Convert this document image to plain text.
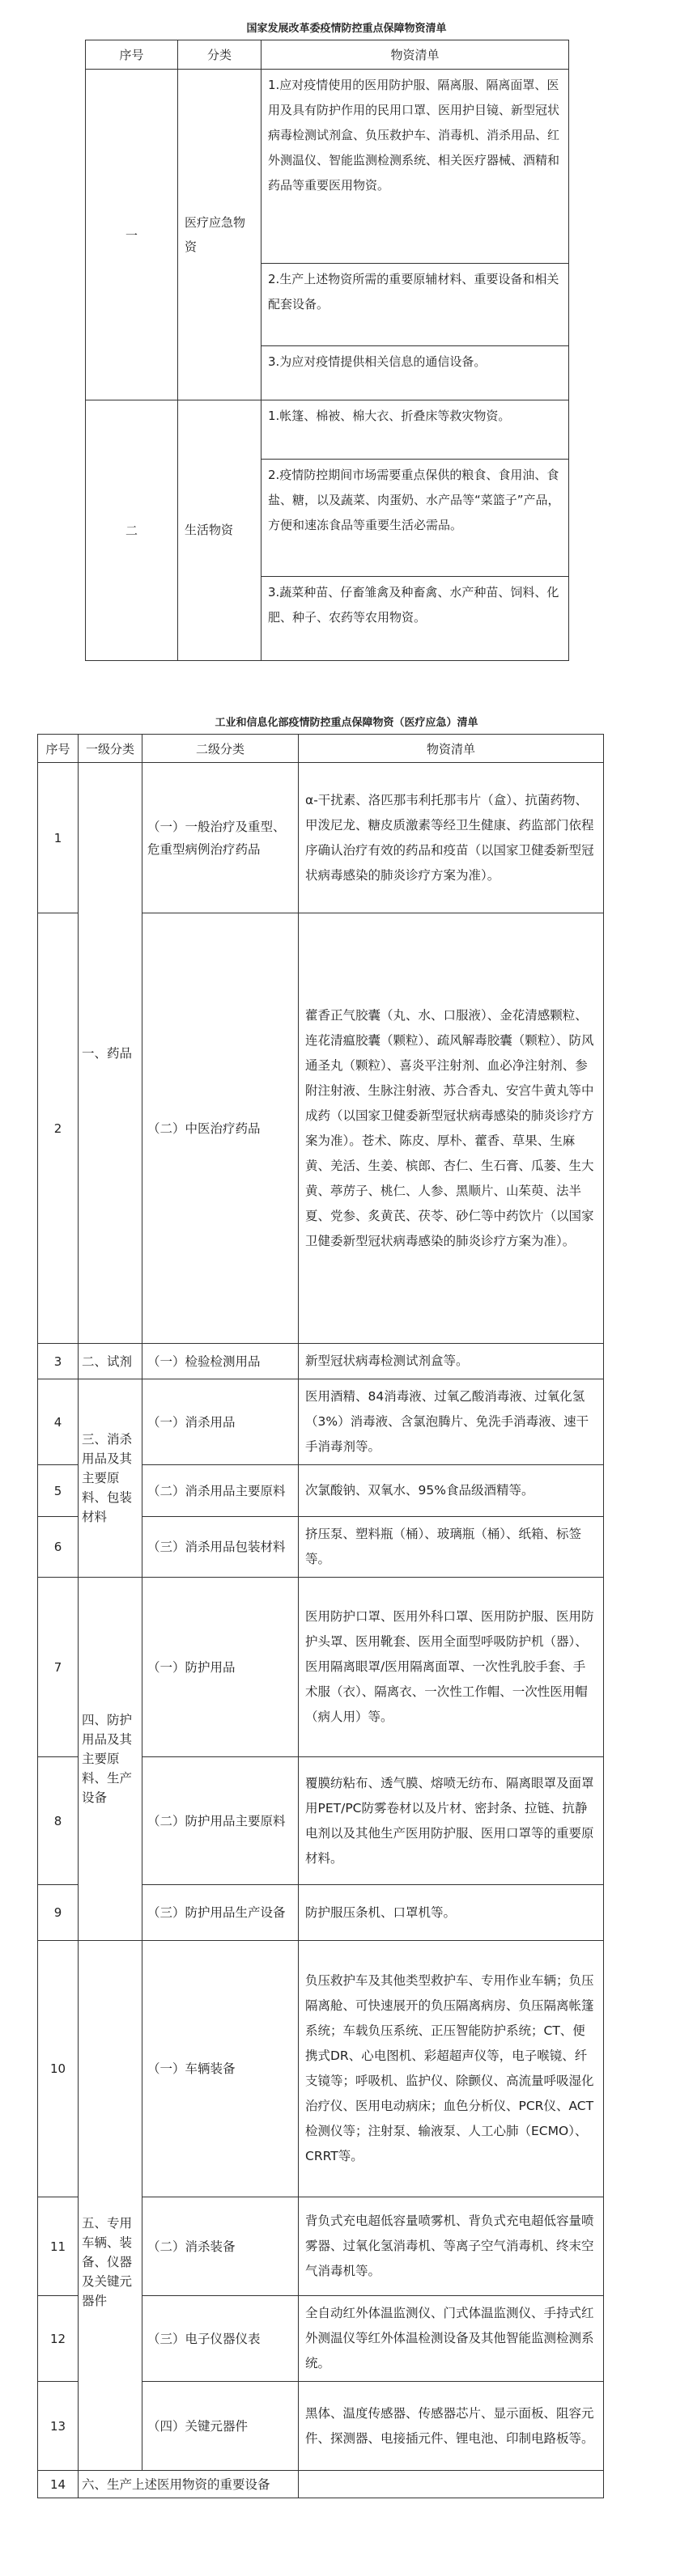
国家发展改革委疫情防控重点保障物资清单
序号	分类	物资清单
一	医疗应急物资	1.应对疫情使用的医用防护服、隔离服、隔离面罩、医用及具有防护作用的民用口罩、医用护目镜、新型冠状病毒检测试剂盒、负压救护车、消毒机、消杀用品、红外测温仪、智能监测检测系统、相关医疗器械、酒精和药品等重要医用物资。
2.生产上述物资所需的重要原辅材料、重要设备和相关配套设备。
3.为应对疫情提供相关信息的通信设备。

二	生活物资	1.帐篷、棉被、棉大衣、折叠床等救灾物资。
2.疫情防控期间市场需要重点保供的粮食、食用油、食盐、糖，以及蔬菜、肉蛋奶、水产品等“菜篮子”产品，方便和速冻食品等重要生活必需品。
3.蔬菜种苗、仔畜雏禽及种畜禽、水产种苗、饲料、化肥、种子、农药等农用物资。
工业和信息化部疫情防控重点保障物资（医疗应急）清单
序号	一级分类	二级分类	物资清单
1	一、药品	（一）一般治疗及重型、危重型病例治疗药品	α-干扰素、洛匹那韦利托那韦片（盒）、抗菌药物、甲泼尼龙、糖皮质激素等经卫生健康、药监部门依程序确认治疗有效的药品和疫苗（以国家卫健委新型冠状病毒感染的肺炎诊疗方案为准）。
2		（二）中医治疗药品	藿香正气胶囊（丸、水、口服液）、金花清感颗粒、连花清瘟胶囊（颗粒）、疏风解毒胶囊（颗粒）、防风通圣丸（颗粒）、喜炎平注射剂、血必净注射剂、参附注射液、生脉注射液、苏合香丸、安宫牛黄丸等中成药（以国家卫健委新型冠状病毒感染的肺炎诊疗方案为准）。苍术、陈皮、厚朴、藿香、草果、生麻黄、羌活、生姜、槟郎、杏仁、生石膏、瓜蒌、生大黄、葶苈子、桃仁、人参、黑顺片、山茱萸、法半夏、党参、炙黄芪、茯苓、砂仁等中药饮片（以国家卫健委新型冠状病毒感染的肺炎诊疗方案为准）。
3	二、试剂	（一）检验检测用品	新型冠状病毒检测试剂盒等。
4	三、消杀用品及其主要原料、包装材料	（一）消杀用品	医用酒精、84消毒液、过氧乙酸消毒液、过氧化氢（3%）消毒液、含氯泡腾片、免洗手消毒液、速干手消毒剂等。
5		（二）消杀用品主要原料	次氯酸钠、双氧水、95%食品级酒精等。
6		（三）消杀用品包装材料	挤压泵、塑料瓶（桶）、玻璃瓶（桶）、纸箱、标签等。
7	四、防护用品及其主要原料、生产设备	（一）防护用品	医用防护口罩、医用外科口罩、医用防护服、医用防护头罩、医用靴套、医用全面型呼吸防护机（器）、医用隔离眼罩/医用隔离面罩、一次性乳胶手套、手术服（衣）、隔离衣、一次性工作帽、一次性医用帽（病人用）等。
8		（二）防护用品主要原料	覆膜纺粘布、透气膜、熔喷无纺布、隔离眼罩及面罩用PET/PC防雾卷材以及片材、密封条、拉链、抗静电剂以及其他生产医用防护服、医用口罩等的重要原材料。
9		（三）防护用品生产设备	防护服压条机、口罩机等。
10	五、专用车辆、装备、仪器及关键元器件	（一）车辆装备	负压救护车及其他类型救护车、专用作业车辆；负压隔离舱、可快速展开的负压隔离病房、负压隔离帐篷系统；车载负压系统、正压智能防护系统；CT、便携式DR、心电图机、彩超超声仪等，电子喉镜、纤支镜等；呼吸机、监护仪、除颤仪、高流量呼吸湿化治疗仪、医用电动病床；血色分析仪、PCR仪、ACT检测仪等；注射泵、输液泵、人工心肺（ECMO）、CRRT等。
11		（二）消杀装备	背负式充电超低容量喷雾机、背负式充电超低容量喷雾器、过氧化氢消毒机、等离子空气消毒机、终末空气消毒机等。
12		（三）电子仪器仪表	全自动红外体温监测仪、门式体温监测仪、手持式红外测温仪等红外体温检测设备及其他智能监测检测系统。
13		（四）关键元器件	黑体、温度传感器、传感器芯片、显示面板、阻容元件、探测器、电接插元件、锂电池、印制电路板等。
14	六、生产上述医用物资的重要设备		
